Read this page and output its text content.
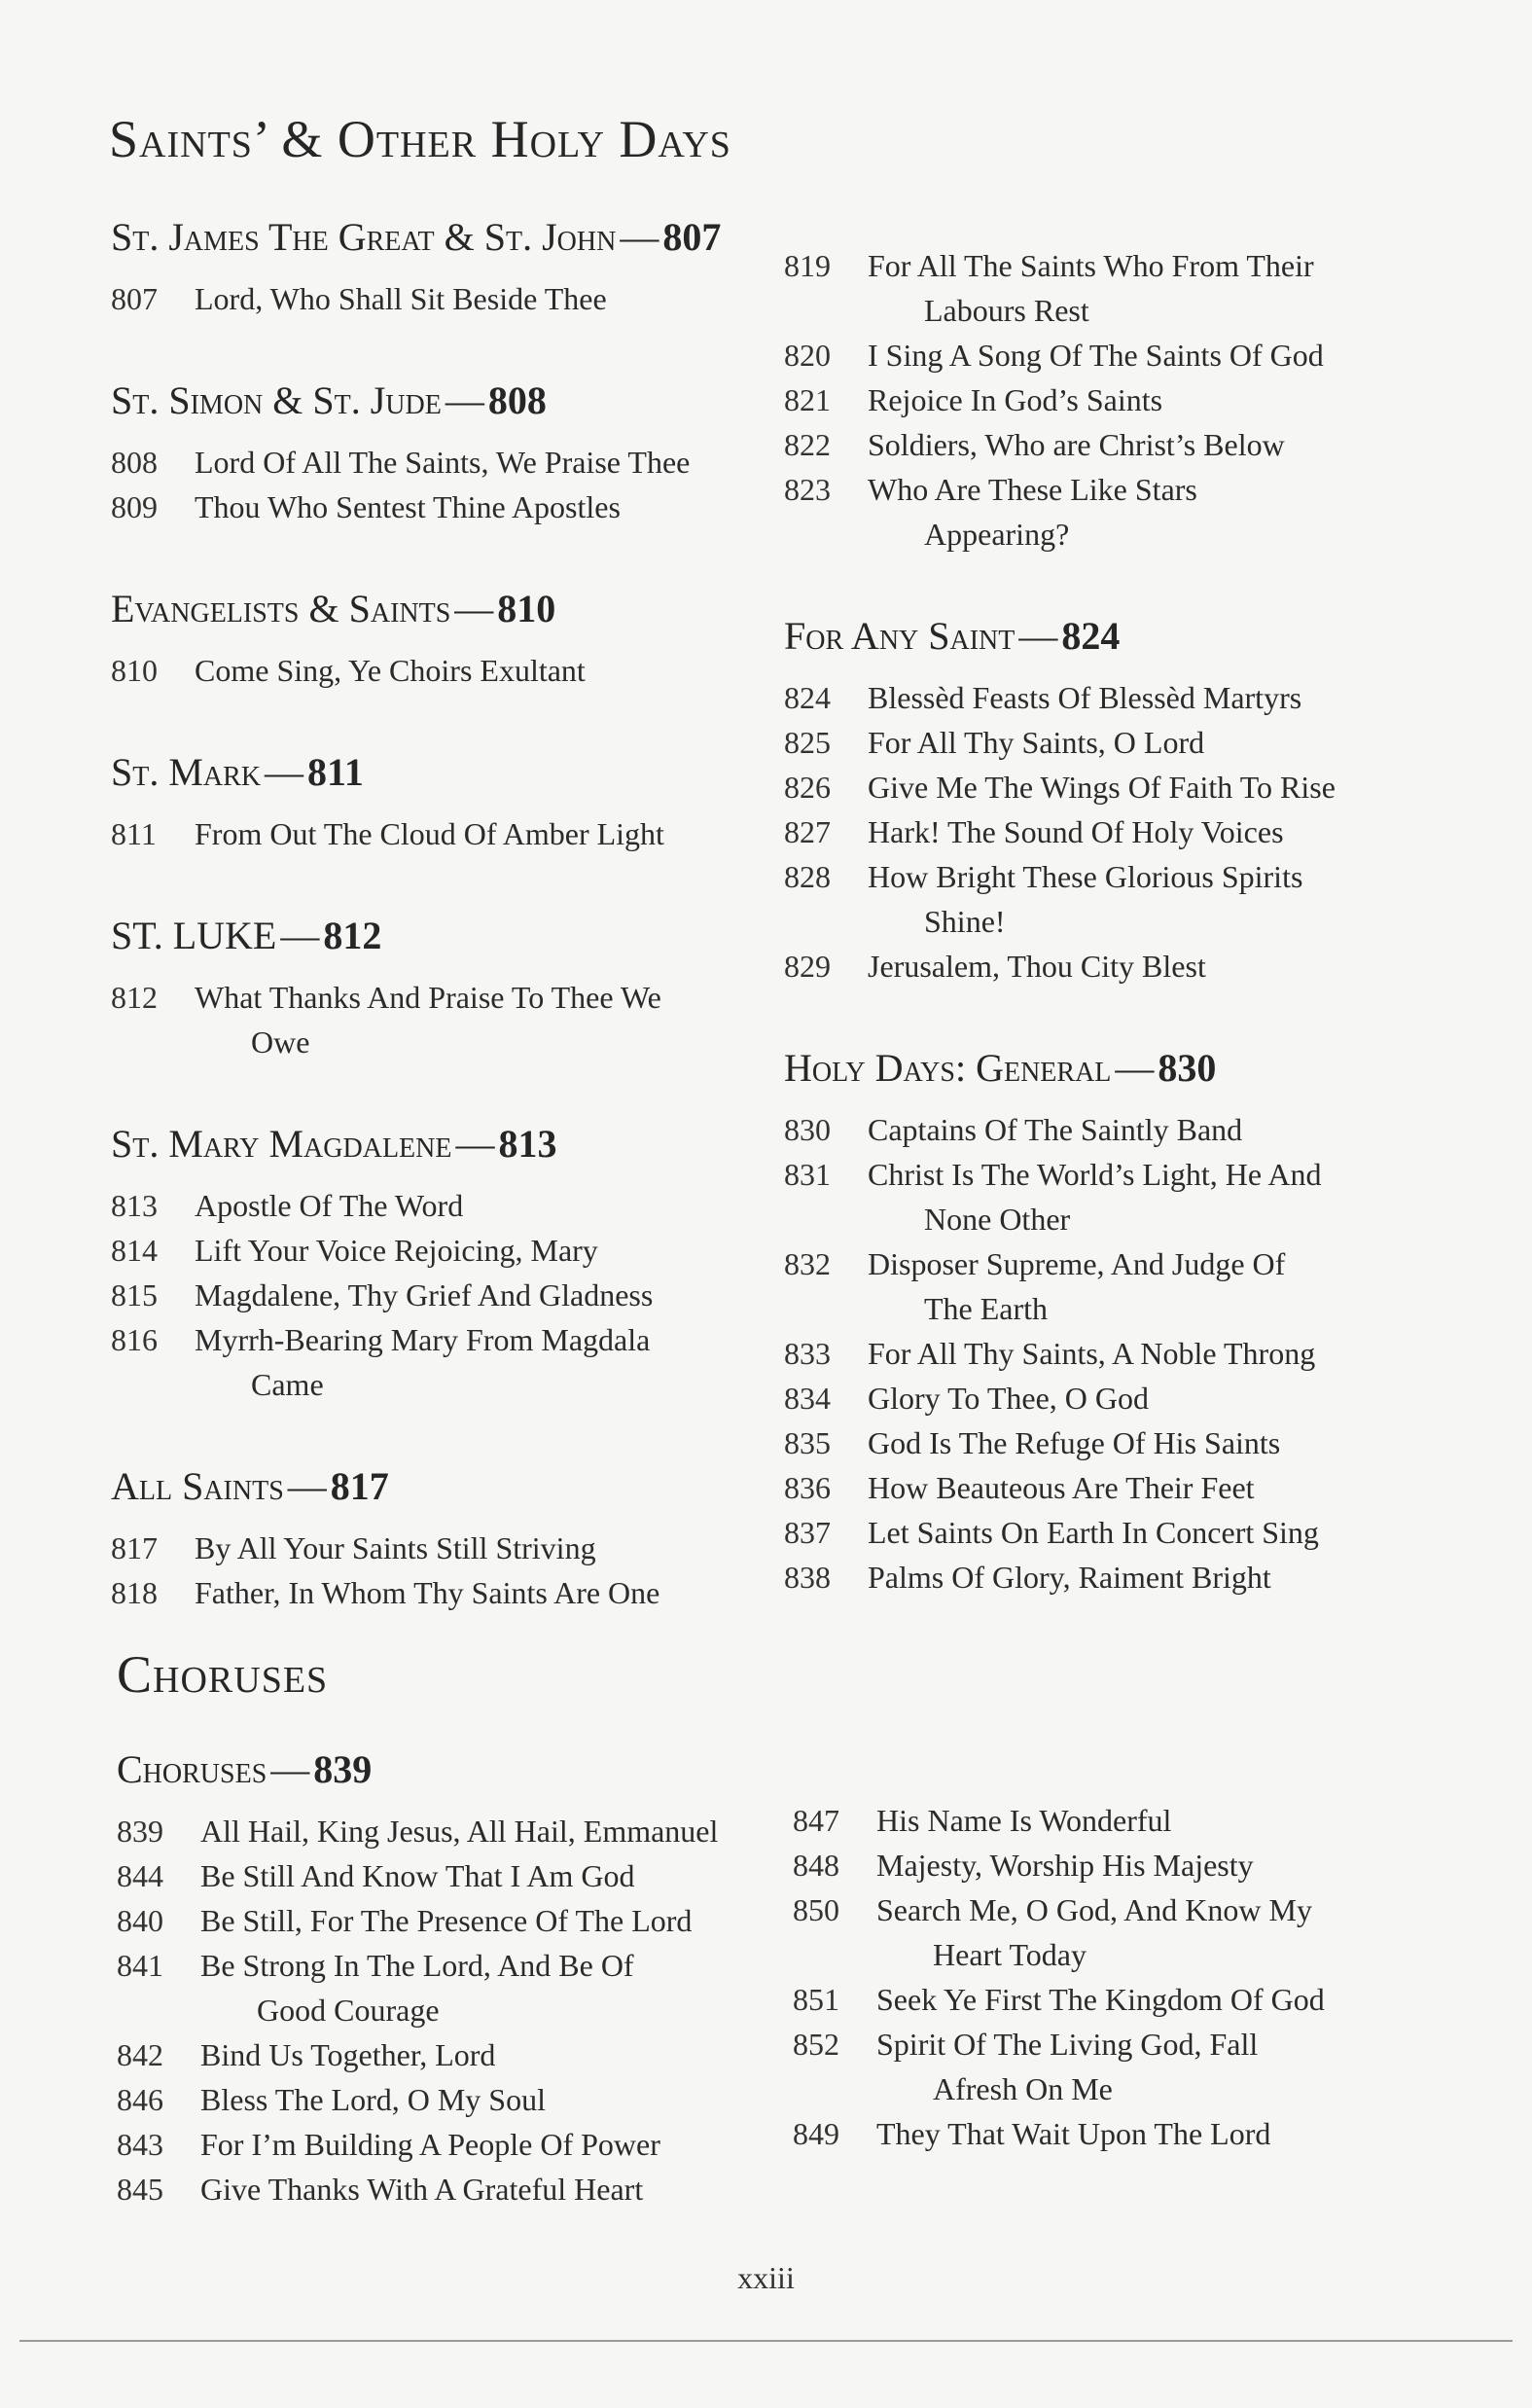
Saints’ & Other Holy Days
St. James The Great & St. John — 807
807	Lord, Who Shall Sit Beside Thee
St. Simon & St. Jude — 808
808	Lord Of All The Saints, We Praise Thee
809	Thou Who Sentest Thine Apostles
Evangelists & Saints — 810
810	Come Sing, Ye Choirs Exultant
St. Mark — 811
811	From Out The Cloud Of Amber Light
ST. LUKE — 812
812	What Thanks And Praise To Thee We
Owe
St. Mary Magdalene — 813
813	Apostle Of The Word
814	Lift Your Voice Rejoicing, Mary
815	Magdalene, Thy Grief And Gladness
816	Myrrh-Bearing Mary From Magdala
Came
All Saints — 817
817	By All Your Saints Still Striving
818	Father, In Whom Thy Saints Are One
819	For All The Saints Who From Their
Labours Rest
820	I Sing A Song Of The Saints Of God
821	Rejoice In God’s Saints
822	Soldiers, Who are Christ’s Below
823	Who Are These Like Stars
Appearing?
For Any Saint — 824
824	Blessèd Feasts Of Blessèd Martyrs
825	For All Thy Saints, O Lord
826	Give Me The Wings Of Faith To Rise
827	Hark! The Sound Of Holy Voices
828	How Bright These Glorious Spirits
Shine!
829	Jerusalem, Thou City Blest
Holy Days: General — 830
830	Captains Of The Saintly Band
831	Christ Is The World’s Light, He And
None Other
832	Disposer Supreme, And Judge Of
The Earth
833	For All Thy Saints, A Noble Throng
834	Glory To Thee, O God
835	God Is The Refuge Of His Saints
836	How Beauteous Are Their Feet
837	Let Saints On Earth In Concert Sing
838	Palms Of Glory, Raiment Bright
Choruses
Choruses — 839
839	All Hail, King Jesus, All Hail, Emmanuel
844	Be Still And Know That I Am God
840	Be Still, For The Presence Of The Lord
841	Be Strong In The Lord, And Be Of
Good Courage
842	Bind Us Together, Lord
846	Bless The Lord, O My Soul
843	For I’m Building A People Of Power
845	Give Thanks With A Grateful Heart
847	His Name Is Wonderful
848	Majesty, Worship His Majesty
850	Search Me, O God, And Know My
Heart Today
851	Seek Ye First The Kingdom Of God
852	Spirit Of The Living God, Fall
Afresh On Me
849	They That Wait Upon The Lord
xxiii
